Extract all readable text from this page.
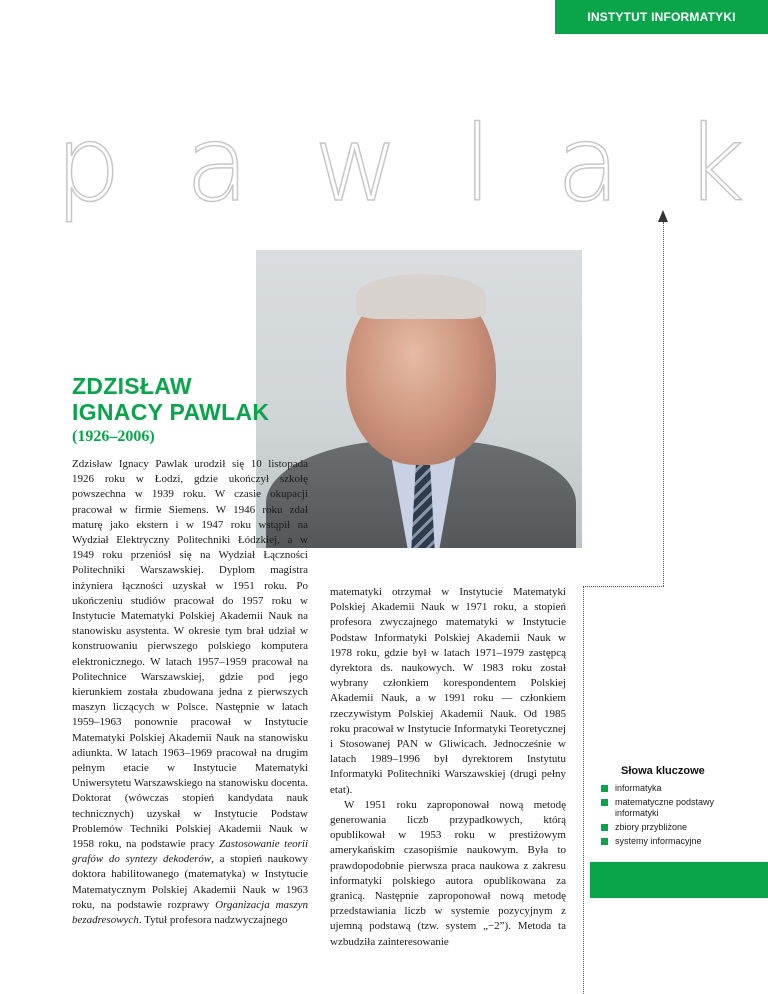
INSTYTUT INFORMATYKI
p a w l a k
ZDZISŁAW
IGNACY PAWLAK
(1926–2006)

Zdzisław Ignacy Pawlak urodził się 10 listopada 1926 roku w Łodzi, gdzie ukończył szkołę powszechna w 1939 roku. W czasie okupacji pracował w firmie Siemens. W 1946 roku zdał maturę jako ekstern i w 1947 roku wstąpił na Wydział Elektryczny Politechniki Łódzkiej, a w 1949 roku przeniósł się na Wydział Łączności Politechniki Warszawskiej. Dyplom magistra inżyniera łączności uzyskał w 1951 roku. Po ukończeniu studiów pracował do 1957 roku w Instytucie Matematyki Polskiej Akademii Nauk na stanowisku asystenta. W okresie tym brał udział w konstruowaniu pierwszego polskiego komputera elektronicznego. W latach 1957–1959 pracował na Politechnice Warszawskiej, gdzie pod jego kierunkiem została zbudowana jedna z pierwszych maszyn liczących w Polsce. Następnie w latach 1959–1963 ponownie pracował w Instytucie Matematyki Polskiej Akademii Nauk na stanowisku adiunkta. W latach 1963–1969 pracował na drugim pełnym etacie w Instytucie Matematyki Uniwersytetu Warszawskiego na stanowisku docenta. Doktorat (wówczas stopień kandydata nauk technicznych) uzyskał w Instytucie Podstaw Problemów Techniki Polskiej Akademii Nauk w 1958 roku, na podstawie pracy Zastosowanie teorii grafów do syntezy dekoderów, a stopień naukowy doktora habilitowanego (matematyka) w Instytucie Matematycznym Polskiej Akademii Nauk w 1963 roku, na podstawie rozprawy Organizacja maszyn bezadresowych. Tytuł profesora nadzwyczajnego

matematyki otrzymał w Instytucie Matematyki Polskiej Akademii Nauk w 1971 roku, a stopień profesora zwyczajnego matematyki w Instytucie Podstaw Informatyki Polskiej Akademii Nauk w 1978 roku, gdzie był w latach 1971–1979 zastępcą dyrektora ds. naukowych. W 1983 roku został wybrany członkiem korespondentem Polskiej Akademii Nauk, a w 1991 roku — członkiem rzeczywistym Polskiej Akademii Nauk. Od 1985 roku pracował w Instytucie Informatyki Teoretycznej i Stosowanej PAN w Gliwicach. Jednocześnie w latach 1989–1996 był dyrektorem Instytutu Informatyki Politechniki Warszawskiej (drugi pełny etat).

W 1951 roku zaproponował nową metodę generowania liczb przypadkowych, którą opublikował w 1953 roku w prestiżowym amerykańskim czasopiśmie naukowym. Była to prawdopodobnie pierwsza praca naukowa z zakresu informatyki polskiego autora opublikowana za granicą. Następnie zaproponował nową metodę przedstawiania liczb w systemie pozycyjnym z ujemną podstawą (tzw. system „−2”). Metoda ta wzbudziła zainteresowanie

Słowa kluczowe
informatyka
matematyczne podstawy informatyki
zbiory przybliżone
systemy informacyjne
